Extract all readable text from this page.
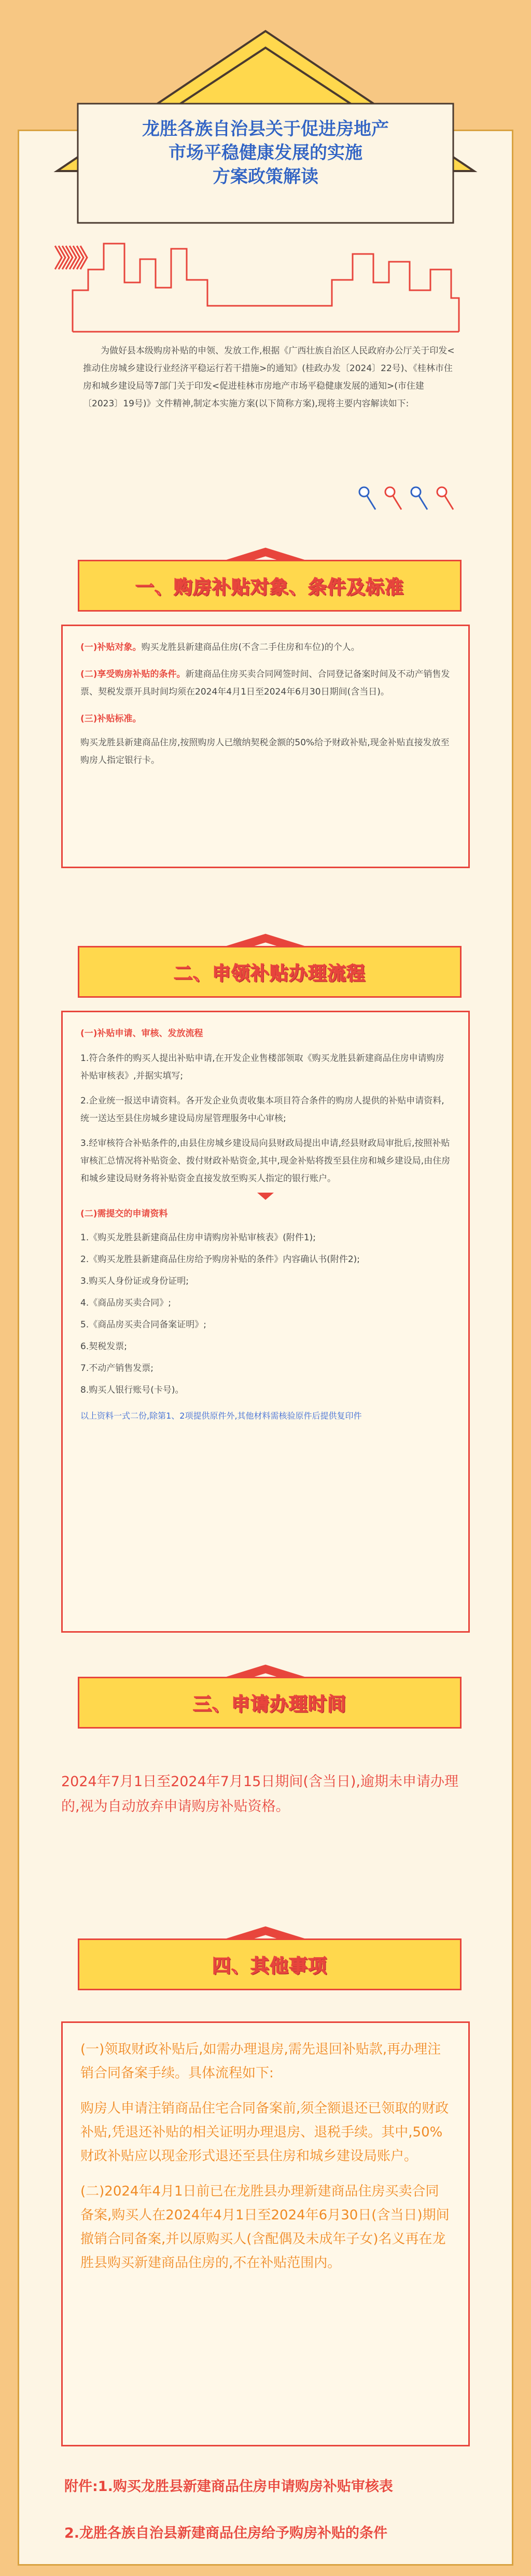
龙胜各族自治县关于促进房地产
市场平稳健康发展的实施
方案政策解读
》》》》
为做好县本级购房补贴的申领、发放工作,根据《广西壮族自治区人民政府办公厅关于印发<推动住房城乡建设行业经济平稳运行若干措施>的通知》(桂政办发〔2024〕22号)、《桂林市住房和城乡建设局等7部门关于印发<促进桂林市房地产市场平稳健康发展的通知>(市住建〔2023〕19号)》文件精神,制定本实施方案(以下简称方案),现将主要内容解读如下:
一、购房补贴对象、条件及标准

(一)补贴对象。购买龙胜县新建商品住房(不含二手住房和车位)的个人。

(二)享受购房补贴的条件。新建商品住房买卖合同网签时间、合同登记备案时间及不动产销售发票、契税发票开具时间均须在2024年4月1日至2024年6月30日期间(含当日)。

(三)补贴标准。

购买龙胜县新建商品住房,按照购房人已缴纳契税金额的50%给予财政补贴,现金补贴直接发放至购房人指定银行卡。

二、申领补贴办理流程

(一)补贴申请、审核、发放流程

1.符合条件的购买人提出补贴申请,在开发企业售楼部领取《购买龙胜县新建商品住房申请购房补贴审核表》,并据实填写;

2.企业统一报送申请资料。各开发企业负责收集本项目符合条件的购房人提供的补贴申请资料,统一送达至县住房城乡建设局房屋管理服务中心审核;

3.经审核符合补贴条件的,由县住房城乡建设局向县财政局提出申请,经县财政局审批后,按照补贴审核汇总情况将补贴资金、拨付财政补贴资金,其中,现金补贴将拨至县住房和城乡建设局,由住房和城乡建设局财务将补贴资金直接发放至购买人指定的银行账户。

(二)需提交的申请资料

1.《购买龙胜县新建商品住房申请购房补贴审核表》(附件1);

2.《购买龙胜县新建商品住房给予购房补贴的条件》内容确认书(附件2);

3.购买人身份证或身份证明;

4.《商品房买卖合同》;

5.《商品房买卖合同备案证明》;

6.契税发票;

7.不动产销售发票;

8.购买人银行账号(卡号)。

以上资料一式二份,除第1、2项提供原件外,其他材料需核验原件后提供复印件

三、申请办理时间

2024年7月1日至2024年7月15日期间(含当日),逾期未申请办理的,视为自动放弃申请购房补贴资格。

四、其他事项

(一)领取财政补贴后,如需办理退房,需先退回补贴款,再办理注销合同备案手续。具体流程如下:

购房人申请注销商品住宅合同备案前,须全额退还已领取的财政补贴,凭退还补贴的相关证明办理退房、退税手续。其中,50%财政补贴应以现金形式退还至县住房和城乡建设局账户。

(二)2024年4月1日前已在龙胜县办理新建商品住房买卖合同备案,购买人在2024年4月1日至2024年6月30日(含当日)期间撤销合同备案,并以原购买人(含配偶及未成年子女)名义再在龙胜县购买新建商品住房的,不在补贴范围内。

附件:1.购买龙胜县新建商品住房申请购房补贴审核表
2.龙胜各族自治县新建商品住房给予购房补贴的条件
